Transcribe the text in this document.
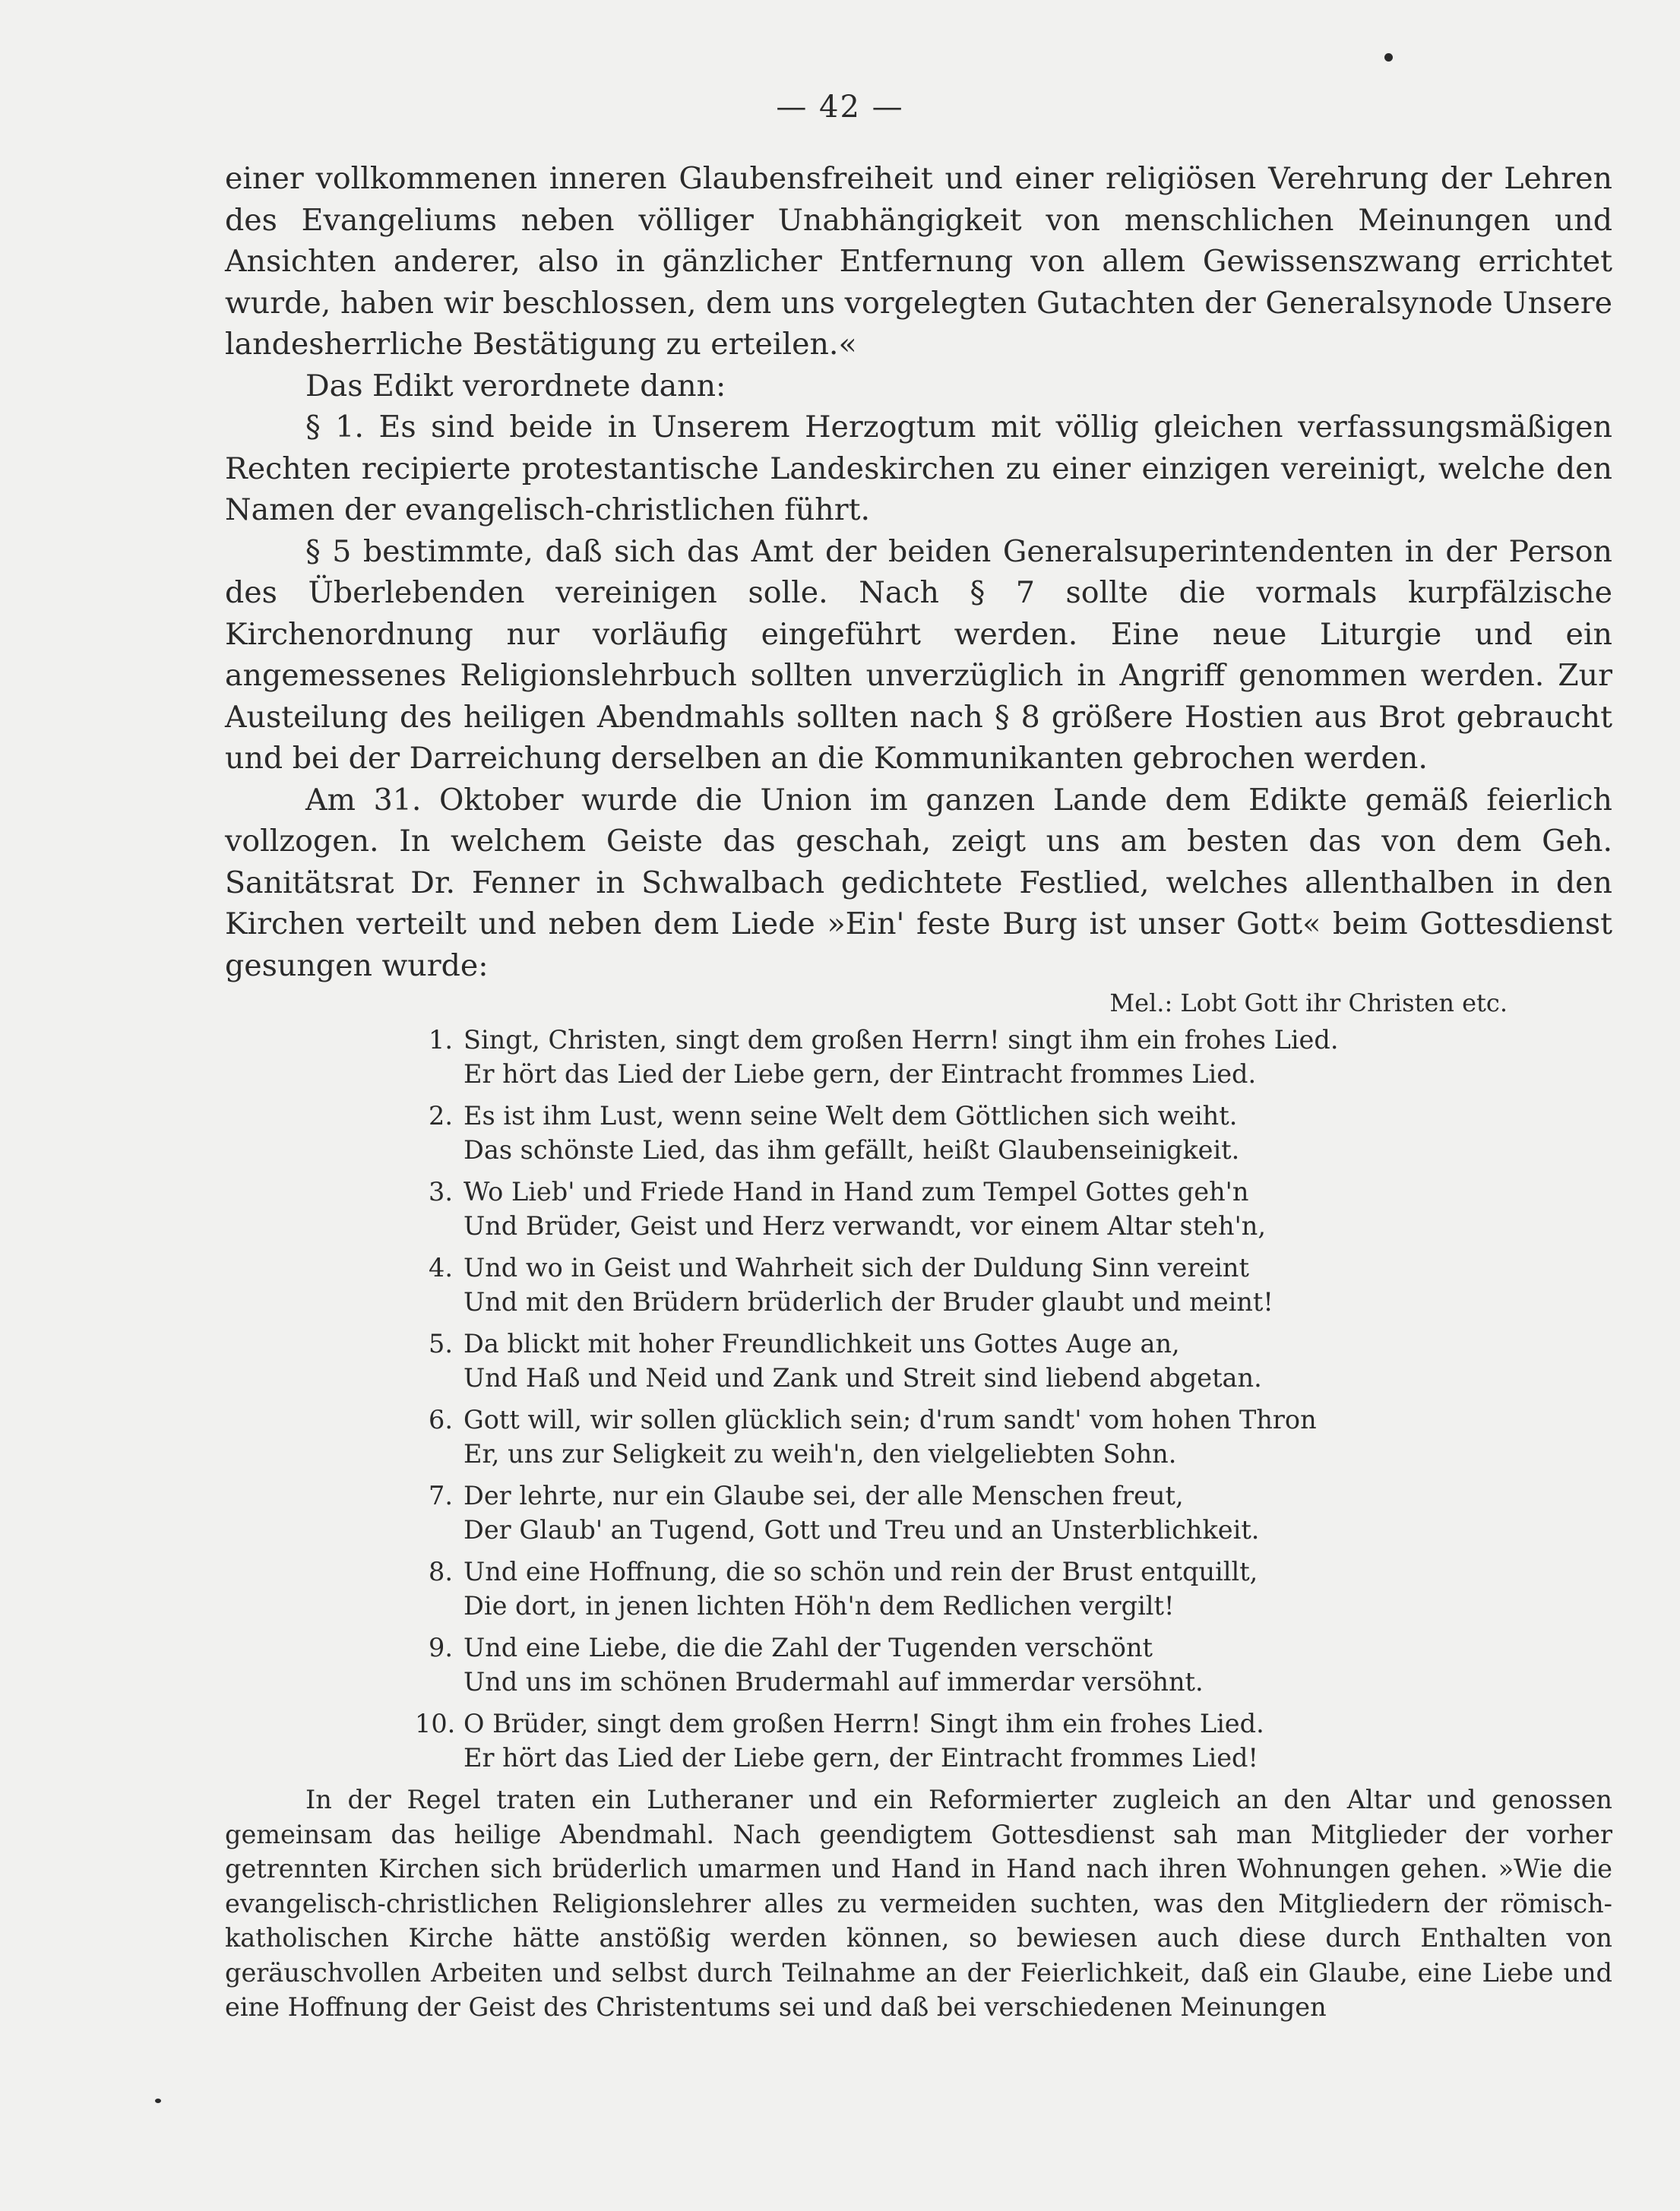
— 42 —

einer vollkommenen inneren Glaubensfreiheit und einer religiösen Verehrung der Lehren des Evangeliums neben völliger Unabhängigkeit von menschlichen Meinungen und Ansichten anderer, also in gänzlicher Entfernung von allem Gewissenszwang errichtet wurde, haben wir beschlossen, dem uns vorgelegten Gutachten der Generalsynode Unsere landesherrliche Bestätigung zu erteilen.«

Das Edikt verordnete dann:

§ 1. Es sind beide in Unserem Herzogtum mit völlig gleichen verfassungsmäßigen Rechten recipierte protestantische Landeskirchen zu einer einzigen vereinigt, welche den Namen der evangelisch-christlichen führt.

§ 5 bestimmte, daß sich das Amt der beiden Generalsuperintendenten in der Person des Überlebenden vereinigen solle. Nach § 7 sollte die vormals kurpfälzische Kirchenordnung nur vorläufig eingeführt werden. Eine neue Liturgie und ein angemessenes Religionslehrbuch sollten unverzüglich in Angriff genommen werden. Zur Austeilung des heiligen Abendmahls sollten nach § 8 größere Hostien aus Brot gebraucht und bei der Darreichung derselben an die Kommunikanten gebrochen werden.

Am 31. Oktober wurde die Union im ganzen Lande dem Edikte gemäß feierlich vollzogen. In welchem Geiste das geschah, zeigt uns am besten das von dem Geh. Sanitätsrat Dr. Fenner in Schwalbach gedichtete Festlied, welches allenthalben in den Kirchen verteilt und neben dem Liede »Ein' feste Burg ist unser Gott« beim Gottesdienst gesungen wurde:

Mel.: Lobt Gott ihr Christen etc.
1. Singt, Christen, singt dem großen Herrn! singt ihm ein frohes Lied.
Er hört das Lied der Liebe gern, der Eintracht frommes Lied.
2. Es ist ihm Lust, wenn seine Welt dem Göttlichen sich weiht.
Das schönste Lied, das ihm gefällt, heißt Glaubenseinigkeit.
3. Wo Lieb' und Friede Hand in Hand zum Tempel Gottes geh'n
Und Brüder, Geist und Herz verwandt, vor einem Altar steh'n,
4. Und wo in Geist und Wahrheit sich der Duldung Sinn vereint
Und mit den Brüdern brüderlich der Bruder glaubt und meint!
5. Da blickt mit hoher Freundlichkeit uns Gottes Auge an,
Und Haß und Neid und Zank und Streit sind liebend abgetan.
6. Gott will, wir sollen glücklich sein; d'rum sandt' vom hohen Thron
Er, uns zur Seligkeit zu weih'n, den vielgeliebten Sohn.
7. Der lehrte, nur ein Glaube sei, der alle Menschen freut,
Der Glaub' an Tugend, Gott und Treu und an Unsterblichkeit.
8. Und eine Hoffnung, die so schön und rein der Brust entquillt,
Die dort, in jenen lichten Höh'n dem Redlichen vergilt!
9. Und eine Liebe, die die Zahl der Tugenden verschönt
Und uns im schönen Brudermahl auf immerdar versöhnt.
10. O Brüder, singt dem großen Herrn! Singt ihm ein frohes Lied.
Er hört das Lied der Liebe gern, der Eintracht frommes Lied!

In der Regel traten ein Lutheraner und ein Reformierter zugleich an den Altar und genossen gemeinsam das heilige Abendmahl. Nach geendigtem Gottesdienst sah man Mitglieder der vorher getrennten Kirchen sich brüderlich umarmen und Hand in Hand nach ihren Wohnungen gehen. »Wie die evangelisch-christlichen Religionslehrer alles zu vermeiden suchten, was den Mitgliedern der römisch-katholischen Kirche hätte anstößig werden können, so bewiesen auch diese durch Enthalten von geräuschvollen Arbeiten und selbst durch Teilnahme an der Feierlichkeit, daß ein Glaube, eine Liebe und eine Hoffnung der Geist des Christentums sei und daß bei verschiedenen Meinungen
